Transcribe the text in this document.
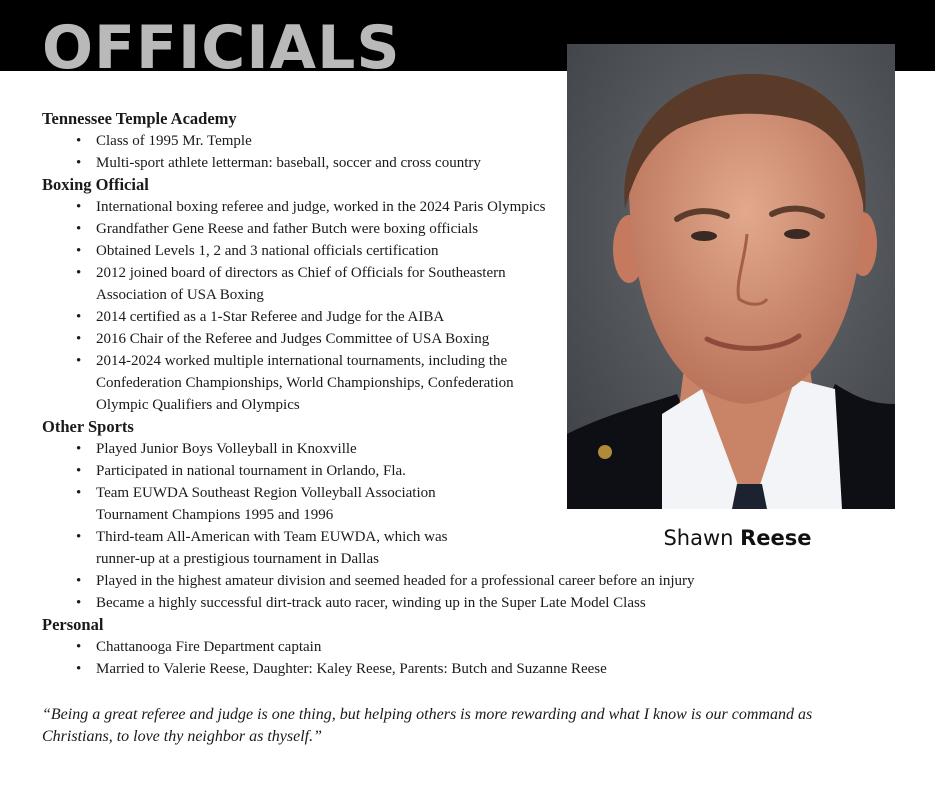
OFFICIALS
Shawn Reese
Tennessee Temple Academy
• Class of 1995 Mr. Temple
• Multi-sport athlete letterman: baseball, soccer and cross country
Boxing Official
• International boxing referee and judge, worked in the 2024 Paris Olympics
• Grandfather Gene Reese and father Butch were boxing officials
• Obtained Levels 1, 2 and 3 national officials certification
• 2012 joined board of directors as Chief of Officials for Southeastern
Association of USA Boxing
• 2014 certified as a 1-Star Referee and Judge for the AIBA
• 2016 Chair of the Referee and Judges Committee of USA Boxing
• 2014-2024 worked multiple international tournaments, including the
Confederation Championships, World Championships, Confederation
Olympic Qualifiers and Olympics
Other Sports
• Played Junior Boys Volleyball in Knoxville
• Participated in national tournament in Orlando, Fla.
• Team EUWDA Southeast Region Volleyball Association
Tournament Champions 1995 and 1996
• Third-team All-American with Team EUWDA, which was
runner-up at a prestigious tournament in Dallas
• Played in the highest amateur division and seemed headed for a professional career before an injury
• Became a highly successful dirt-track auto racer, winding up in the Super Late Model Class
Personal
• Chattanooga Fire Department captain
• Married to Valerie Reese, Daughter: Kaley Reese, Parents: Butch and Suzanne Reese
“Being a great referee and judge is one thing, but helping others is more rewarding and what I know is our command as
Christians, to love thy neighbor as thyself.”
